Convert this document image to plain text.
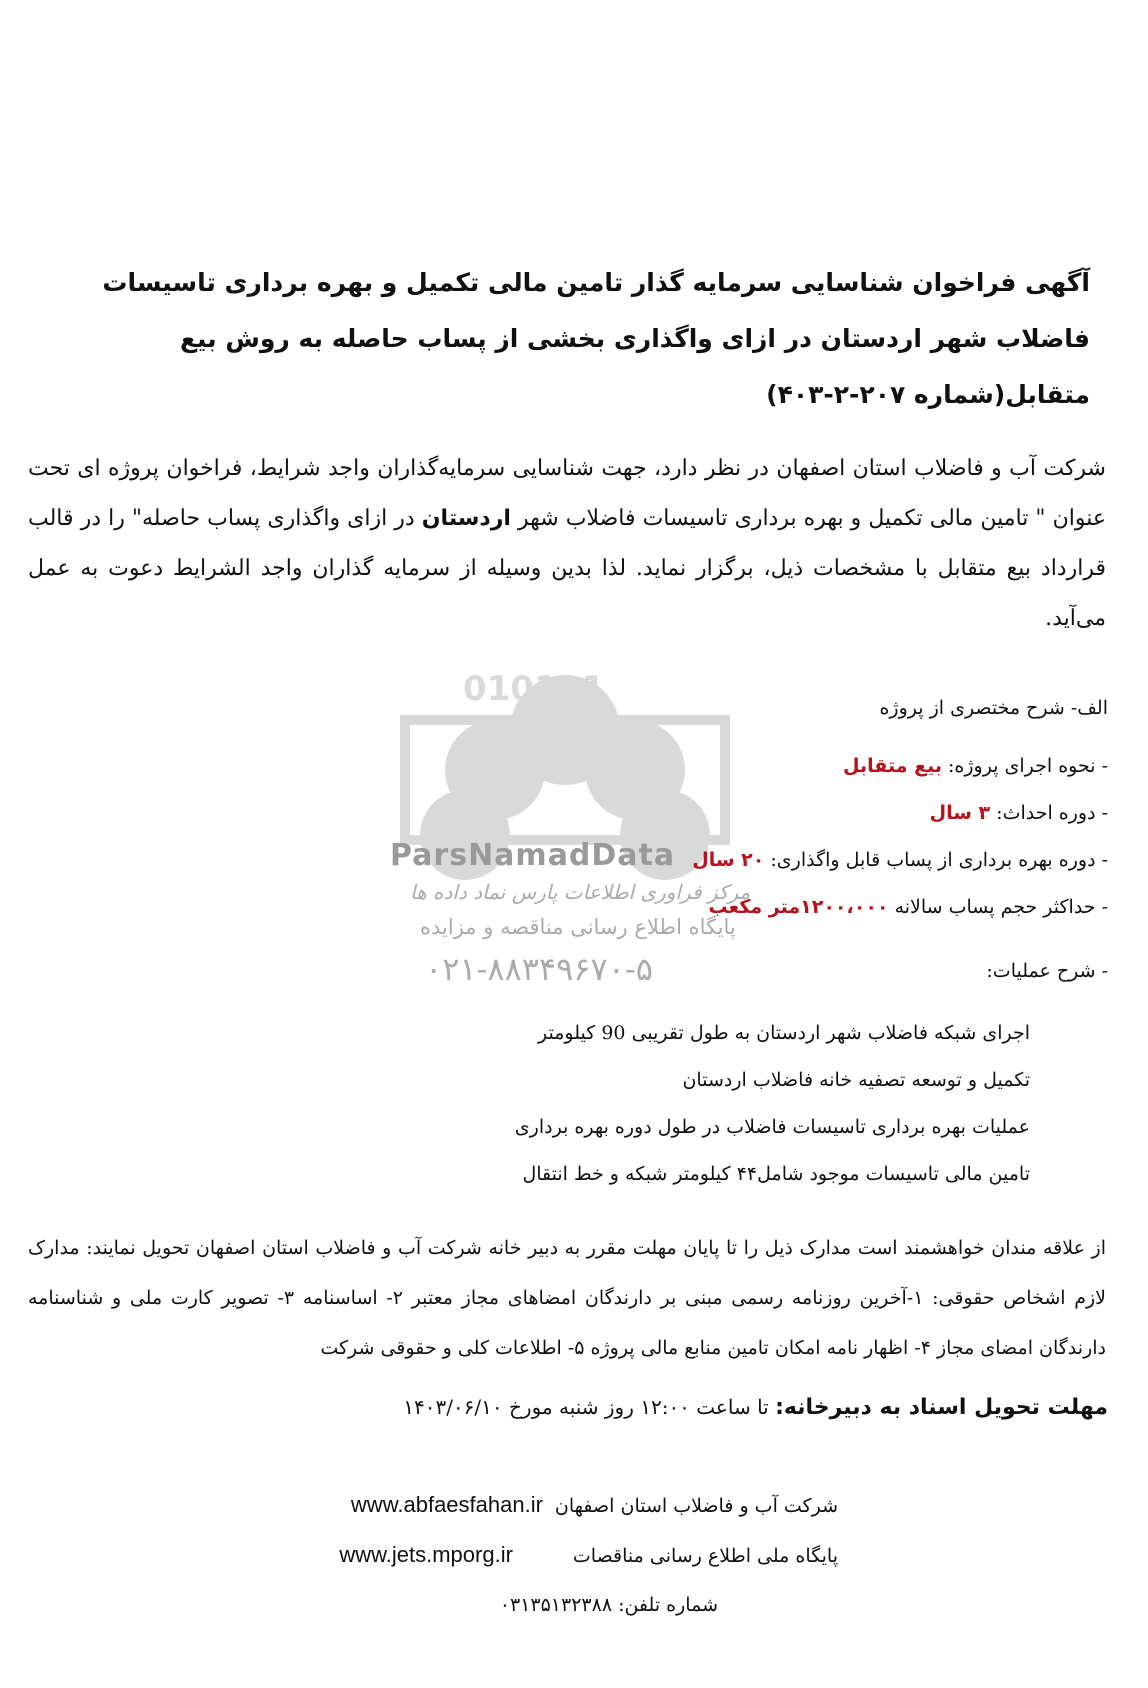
010101
ParsNamadData
مرکز فراوری اطلاعات پارس نماد داده ها
پایگاه اطلاع رسانی مناقصه و مزایده
۰۲۱-۸۸۳۴۹۶۷۰-۵
آگهی فراخوان شناسایی سرمایه گذار تامین مالی تکمیل و بهره برداری تاسیسات فاضلاب شهر اردستان در ازای واگذاری بخشی از پساب حاصله به روش بیع متقابل(شماره ۲۰۷-۲-۴۰۳)
شرکت آب و فاضلاب استان اصفهان در نظر دارد، جهت شناسایی سرمایه‌گذاران واجد شرایط، فراخوان پروژه ای تحت عنوان " تامین مالی تکمیل و بهره برداری تاسیسات فاضلاب شهر اردستان در ازای واگذاری پساب حاصله" را در قالب قرارداد بیع متقابل با مشخصات ذیل، برگزار نماید. لذا بدین وسیله از سرمایه گذاران واجد الشرایط دعوت به عمل می‌آید.
الف- شرح مختصری از پروژه
- نحوه اجرای پروژه: بیع متقابل
- دوره احداث: ۳ سال
- دوره بهره برداری از پساب قابل واگذاری: ۲۰ سال
- حداکثر حجم پساب سالانه ۱۲۰۰،۰۰۰متر مکعب
- شرح عملیات:
اجرای شبکه فاضلاب شهر اردستان به طول تقریبی 90 کیلومتر
تکمیل و توسعه تصفیه خانه فاضلاب اردستان
عملیات بهره برداری تاسیسات فاضلاب در طول دوره بهره برداری
تامین مالی تاسیسات موجود شامل۴۴ کیلومتر شبکه و خط انتقال
از علاقه مندان خواهشمند است مدارک ذیل را تا پایان مهلت مقرر به دبیر خانه شرکت آب و فاضلاب استان اصفهان تحویل نمایند: مدارک لازم اشخاص حقوقی: ۱-آخرین روزنامه رسمی مبنی بر دارندگان امضاهای مجاز معتبر ۲- اساسنامه ۳- تصویر کارت ملی و شناسنامه دارندگان امضای مجاز ۴- اظهار نامه امکان تامین منابع مالی پروژه ۵- اطلاعات کلی و حقوقی شرکت
مهلت تحویل اسناد به دبیرخانه: تا ساعت ۱۲:۰۰ روز شنبه مورخ ۱۴۰۳/۰۶/۱۰
شرکت آب و فاضلاب استان اصفهانwww.abfaesfahan.ir
پایگاه ملی اطلاع رسانی مناقصاتwww.jets.mporg.ir
شماره تلفن: ۰۳۱۳۵۱۳۲۳۸۸
